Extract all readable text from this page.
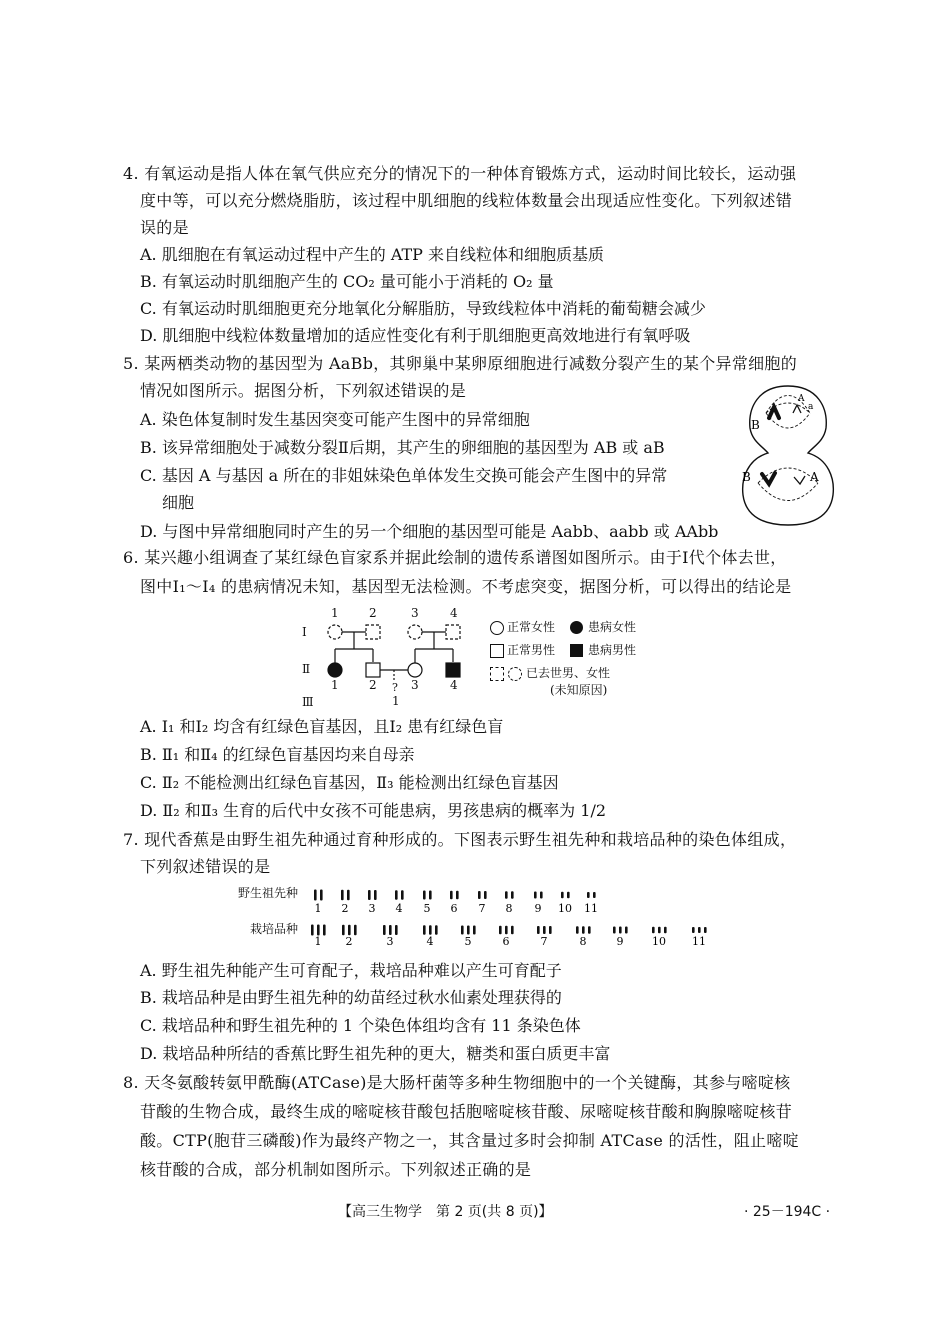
4. 有氧运动是指人体在氧气供应充分的情况下的一种体育锻炼方式，运动时间比较长，运动强
度中等，可以充分燃烧脂肪，该过程中肌细胞的线粒体数量会出现适应性变化。下列叙述错
误的是
A. 肌细胞在有氧运动过程中产生的 ATP 来自线粒体和细胞质基质
B. 有氧运动时肌细胞产生的 CO₂ 量可能小于消耗的 O₂ 量
C. 有氧运动时肌细胞更充分地氧化分解脂肪，导致线粒体中消耗的葡萄糖会减少
D. 肌细胞中线粒体数量增加的适应性变化有利于肌细胞更高效地进行有氧呼吸
5. 某两栖类动物的基因型为 AaBb，其卵巢中某卵原细胞进行减数分裂产生的某个异常细胞的
情况如图所示。据图分析，下列叙述错误的是
A. 染色体复制时发生基因突变可能产生图中的异常细胞
B. 该异常细胞处于减数分裂Ⅱ后期，其产生的卵细胞的基因型为 AB 或 aB
C. 基因 A 与基因 a 所在的非姐妹染色单体发生交换可能会产生图中的异常
细胞
D. 与图中异常细胞同时产生的另一个细胞的基因型可能是 Aabb、aabb 或 AAbb
B
A
a
B	A
6. 某兴趣小组调查了某红绿色盲家系并据此绘制的遗传系谱图如图所示。由于Ⅰ代个体去世，
图中Ⅰ₁～Ⅰ₄ 的患病情况未知，基因型无法检测。不考虑突变，据图分析，可以得出的结论是
Ⅰ
Ⅱ
Ⅲ
1	2	3	4
1	2	3	4
?
1
正常女性	患病女性
正常男性	患病男性
已去世男、女性
(未知原因)
A. Ⅰ₁ 和Ⅰ₂ 均含有红绿色盲基因，且Ⅰ₂ 患有红绿色盲
B. Ⅱ₁ 和Ⅱ₄ 的红绿色盲基因均来自母亲
C. Ⅱ₂ 不能检测出红绿色盲基因，Ⅱ₃ 能检测出红绿色盲基因
D. Ⅱ₂ 和Ⅱ₃ 生育的后代中女孩不可能患病，男孩患病的概率为 1/2
7. 现代香蕉是由野生祖先种通过育种形成的。下图表示野生祖先种和栽培品种的染色体组成，
下列叙述错误的是
野生祖先种
栽培品种
1
1
2
2
3
3
4
4
5
5
6
6
7
7
8
8
9
9
10
10
11
11
A. 野生祖先种能产生可育配子，栽培品种难以产生可育配子
B. 栽培品种是由野生祖先种的幼苗经过秋水仙素处理获得的
C. 栽培品种和野生祖先种的 1 个染色体组均含有 11 条染色体
D. 栽培品种所结的香蕉比野生祖先种的更大，糖类和蛋白质更丰富
8. 天冬氨酸转氨甲酰酶(ATCase)是大肠杆菌等多种生物细胞中的一个关键酶，其参与嘧啶核
苷酸的生物合成，最终生成的嘧啶核苷酸包括胞嘧啶核苷酸、尿嘧啶核苷酸和胸腺嘧啶核苷
酸。CTP(胞苷三磷酸)作为最终产物之一，其含量过多时会抑制 ATCase 的活性，阻止嘧啶
核苷酸的合成，部分机制如图所示。下列叙述正确的是
【高三生物学　第 2 页(共 8 页)】	· 25－194C ·
